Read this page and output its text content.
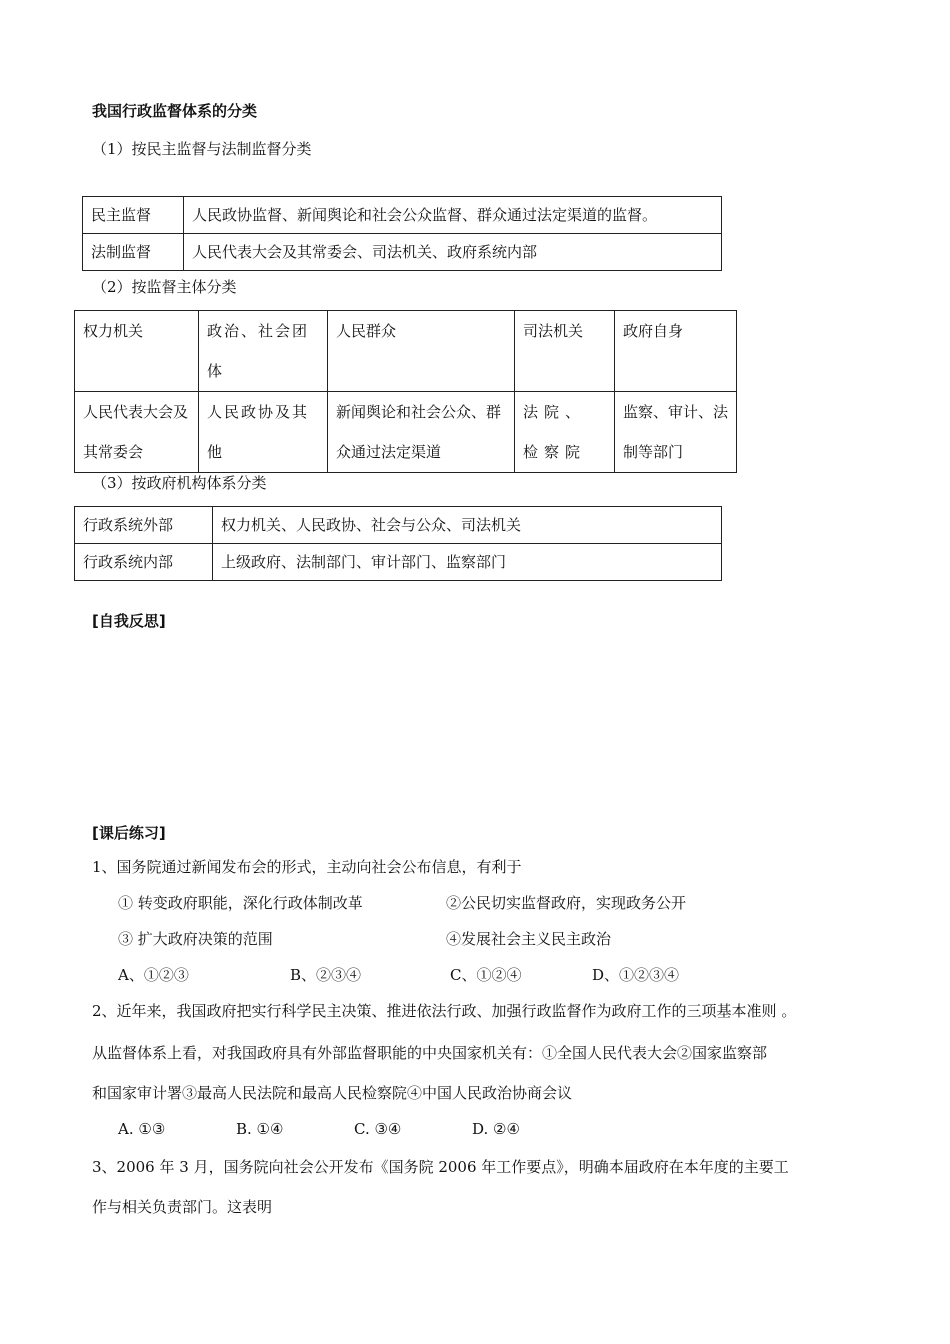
我国行政监督体系的分类
（1）按民主监督与法制监督分类
民主监督	人民政协监督、新闻舆论和社会公众监督、群众通过法定渠道的监督。
法制监督	人民代表大会及其常委会、司法机关、政府系统内部
（2）按监督主体分类
权力机关	政治、社会团体	人民群众	司法机关	政府自身
人民代表大会及其常委会	人民政协及其他	新闻舆论和社会公众、群众通过法定渠道	法院、检察院	监察、审计、法制等部门
（3）按政府机构体系分类
行政系统外部	权力机关、人民政协、社会与公众、司法机关
行政系统内部	上级政府、法制部门、审计部门、监察部门
[自我反思]
[课后练习]
1、国务院通过新闻发布会的形式，主动向社会公布信息，有利于
① 转变政府职能，深化行政体制改革	②公民切实监督政府，实现政务公开
③ 扩大政府决策的范围	④发展社会主义民主政治
A、①②③	B、②③④	C、①②④	D、①②③④
2、近年来，我国政府把实行科学民主决策、推进依法行政、加强行政监督作为政府工作的三项基本准则 。
从监督体系上看，对我国政府具有外部监督职能的中央国家机关有：①全国人民代表大会②国家监察部
和国家审计署③最高人民法院和最高人民检察院④中国人民政治协商会议
A. ①③	B. ①④	C. ③④	D. ②④
3、2006 年 3 月，国务院向社会公开发布《国务院 2006 年工作要点》，明确本届政府在本年度的主要工
作与相关负责部门。这表明
